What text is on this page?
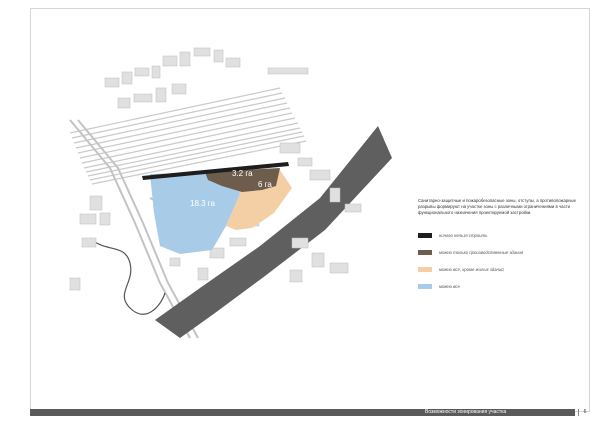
3.2 га
6 га
18.3 га	Санитарно-защитные и пожаробезопасные зоны, отступы, а противопожарные разрывы формируют на участке зоны с различными ограничениями в части функционального назначения проектируемой застройки.

ничего нельзя строить
можно только производственные здания
можно все, кроме жилых зданий
можно все
Возможности зонирования участка	6
